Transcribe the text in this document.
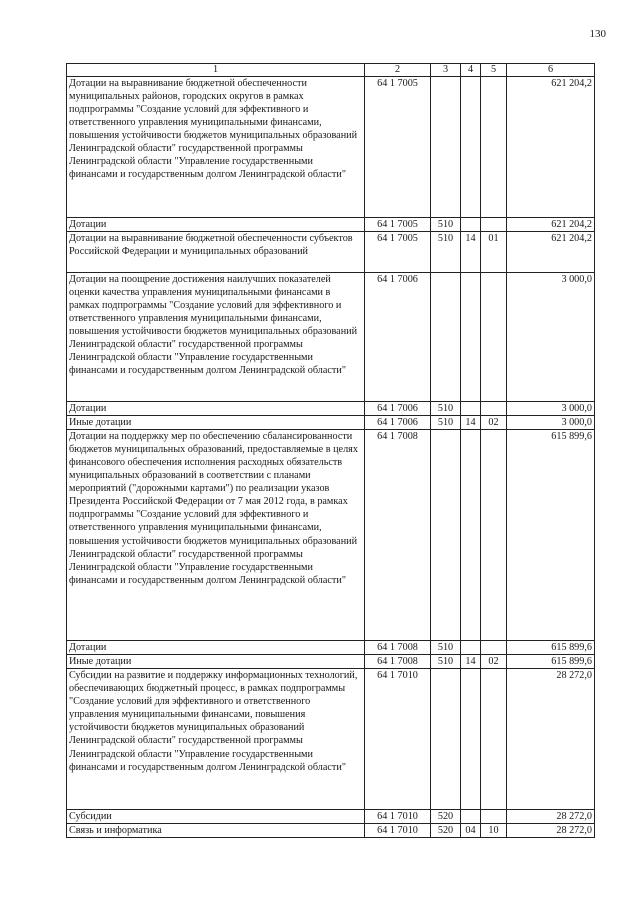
130
1	2	3	4	5	6
Дотации на выравнивание бюджетной обеспеченности муниципальных районов, городских округов в рамках подпрограммы "Создание условий для эффективного и ответственного управления муниципальными финансами, повышения устойчивости бюджетов муниципальных образований Ленинградской области" государственной программы Ленинградской области "Управление государственными финансами и государственным долгом Ленинградской области"	64 1 7005				621 204,2
Дотации	64 1 7005	510			621 204,2
Дотации на выравнивание бюджетной обеспеченности субъектов Российской Федерации и муниципальных образований	64 1 7005	510	14	01	621 204,2
Дотации на поощрение достижения наилучших показателей оценки качества управления муниципальными финансами в рамках подпрограммы "Создание условий для эффективного и ответственного управления муниципальными финансами, повышения устойчивости бюджетов муниципальных образований Ленинградской области" государственной программы Ленинградской области "Управление государственными финансами и государственным долгом Ленинградской области"	64 1 7006				3 000,0
Дотации	64 1 7006	510			3 000,0
Иные дотации	64 1 7006	510	14	02	3 000,0
Дотации на поддержку мер по обеспечению сбалансированности бюджетов муниципальных образований, предоставляемые в целях финансового обеспечения исполнения расходных обязательств муниципальных образований в соответствии с планами мероприятий ("дорожными картами") по реализации указов Президента Российской Федерации от 7 мая 2012 года, в рамках подпрограммы "Создание условий для эффективного и ответственного управления муниципальными финансами, повышения устойчивости бюджетов муниципальных образований Ленинградской области" государственной программы Ленинградской области "Управление государственными финансами и государственным долгом Ленинградской области"	64 1 7008				615 899,6
Дотации	64 1 7008	510			615 899,6
Иные дотации	64 1 7008	510	14	02	615 899,6
Субсидии на развитие и поддержку информационных технологий, обеспечивающих бюджетный процесс, в рамках подпрограммы "Создание условий для эффективного и ответственного управления муниципальными финансами, повышения устойчивости бюджетов муниципальных образований Ленинградской области" государственной программы Ленинградской области "Управление государственными финансами и государственным долгом Ленинградской области"	64 1 7010				28 272,0
Субсидии	64 1 7010	520			28 272,0
Связь и информатика	64 1 7010	520	04	10	28 272,0
